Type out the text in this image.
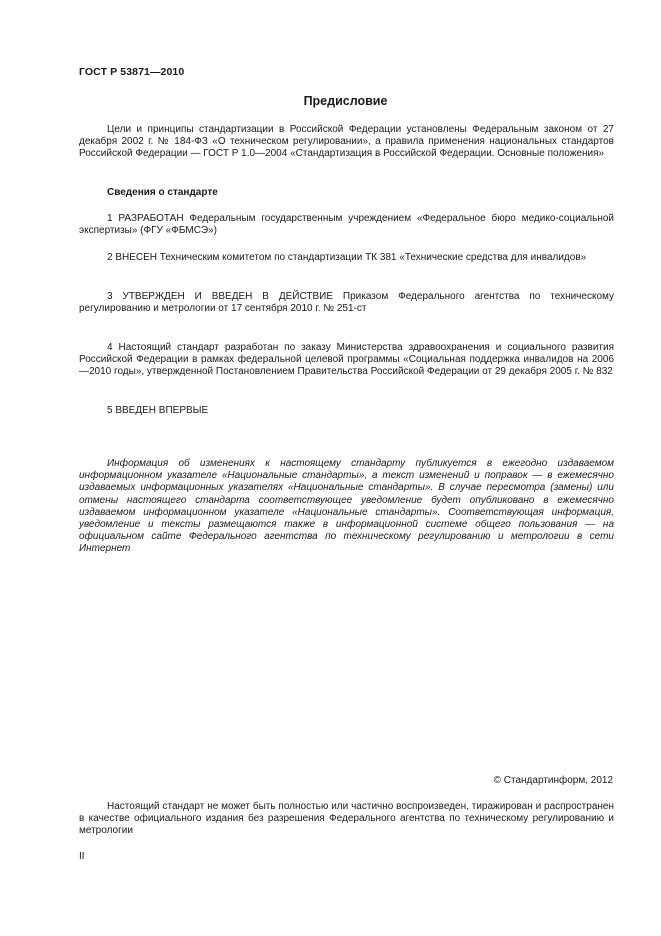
ГОСТ Р 53871—2010
Предисловие
Цели и принципы стандартизации в Российской Федерации установлены Федеральным законом от 27 декабря 2002 г. № 184-ФЗ «О техническом регулировании», а правила применения национальных стандартов Российской Федерации — ГОСТ Р 1.0—2004 «Стандартизация в Российской Федерации. Основные положения»
Сведения о стандарте
1 РАЗРАБОТАН Федеральным государственным учреждением «Федеральное бюро медико-социальной экспертизы» (ФГУ «ФБМСЭ»)
2 ВНЕСЕН Техническим комитетом по стандартизации ТК 381 «Технические средства для инвалидов»
3 УТВЕРЖДЕН И ВВЕДЕН В ДЕЙСТВИЕ Приказом Федерального агентства по техническому регулированию и метрологии от 17 сентября 2010 г. № 251-ст
4 Настоящий стандарт разработан по заказу Министерства здравоохранения и социального развития Российской Федерации в рамках федеральной целевой программы «Социальная поддержка инвалидов на 2006—2010 годы», утвержденной Постановлением Правительства Российской Федерации от 29 декабря 2005 г. № 832
5 ВВЕДЕН ВПЕРВЫЕ
Информация об изменениях к настоящему стандарту публикуется в ежегодно издаваемом информационном указателе «Национальные стандарты», а текст изменений и поправок — в ежемесячно издаваемых информационных указателях «Национальные стандарты». В случае пересмотра (замены) или отмены настоящего стандарта соответствующее уведомление будет опубликовано в ежемесячно издаваемом информационном указателе «Национальные стандарты». Соответствующая информация, уведомление и тексты размещаются также в информационной системе общего пользования — на официальном сайте Федерального агентства по техническому регулированию и метрологии в сети Интернет
© Стандартинформ, 2012
Настоящий стандарт не может быть полностью или частично воспроизведен, тиражирован и распространен в качестве официального издания без разрешения Федерального агентства по техническому регулированию и метрологии
II
